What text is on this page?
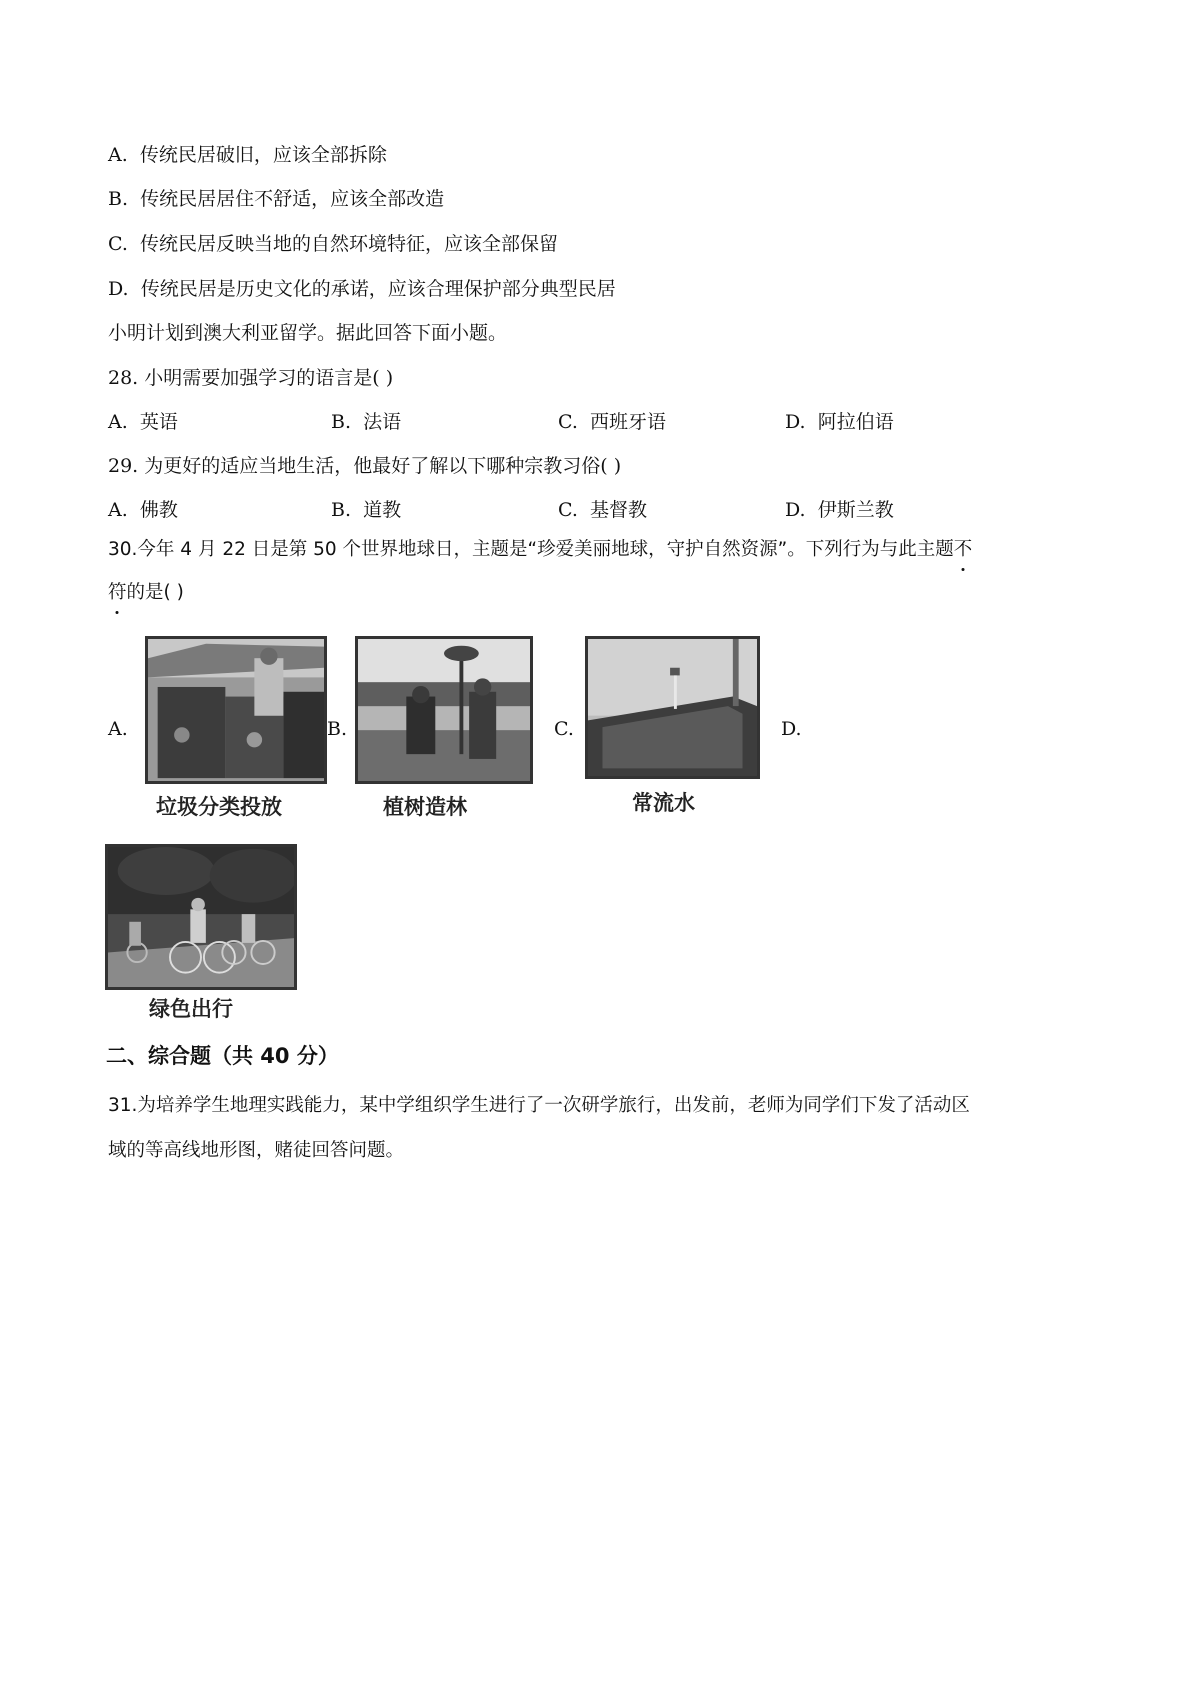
A. 传统民居破旧，应该全部拆除
B. 传统民居居住不舒适，应该全部改造
C. 传统民居反映当地的自然环境特征，应该全部保留
D. 传统民居是历史文化的承诺，应该合理保护部分典型民居
小明计划到澳大利亚留学。据此回答下面小题。
28. 小明需要加强学习的语言是( )
A. 英语	B. 法语	C. 西班牙语	D. 阿拉伯语
29. 为更好的适应当地生活，他最好了解以下哪种宗教习俗( )
A. 佛教	B. 道教	C. 基督教	D. 伊斯兰教
30.今年 4 月 22 日是第 50 个世界地球日，主题是“珍爱美丽地球，守护自然资源”。下列行为与此主题不
符的是( )
A.
垃圾分类投放
B.
植树造林
C.
常流水
D.
绿色出行
二、综合题（共 40 分）
31.为培养学生地理实践能力，某中学组织学生进行了一次研学旅行，出发前，老师为同学们下发了活动区
域的等高线地形图，赌徒回答问题。
